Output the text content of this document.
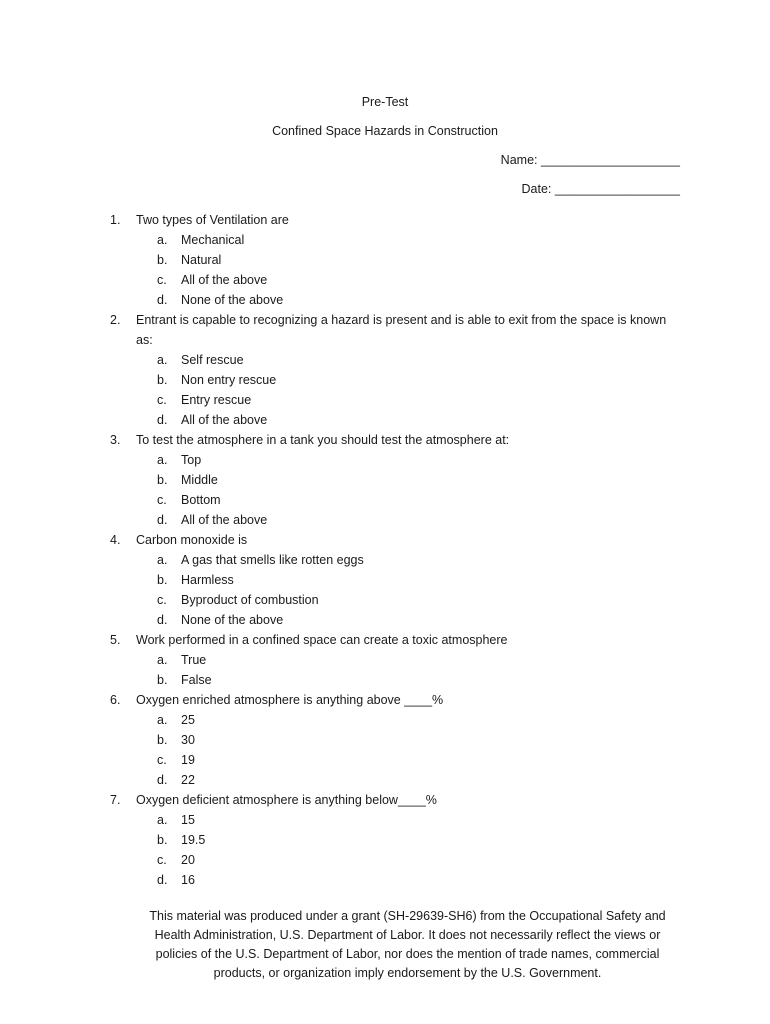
Pre-Test
Confined Space Hazards in Construction
Name: ____________________
Date: __________________
1. Two types of Ventilation are
a. Mechanical
b. Natural
c. All of the above
d. None of the above
2. Entrant is capable to recognizing a hazard is present and is able to exit from the space is known as:
a. Self rescue
b. Non entry rescue
c. Entry rescue
d. All of the above
3. To test the atmosphere in a tank you should test the atmosphere at:
a. Top
b. Middle
c. Bottom
d. All of the above
4. Carbon monoxide is
a. A gas that smells like rotten eggs
b. Harmless
c. Byproduct of combustion
d. None of the above
5. Work performed in a confined space can create a toxic atmosphere
a. True
b. False
6. Oxygen enriched atmosphere is anything above ____%
a. 25
b. 30
c. 19
d. 22
7. Oxygen deficient atmosphere is anything below____%
a. 15
b. 19.5
c. 20
d. 16
This material was produced under a grant (SH-29639-SH6) from the Occupational Safety and
Health Administration, U.S. Department of Labor. It does not necessarily reflect the views or
policies of the U.S. Department of Labor, nor does the mention of trade names, commercial
products, or organization imply endorsement by the U.S. Government.
